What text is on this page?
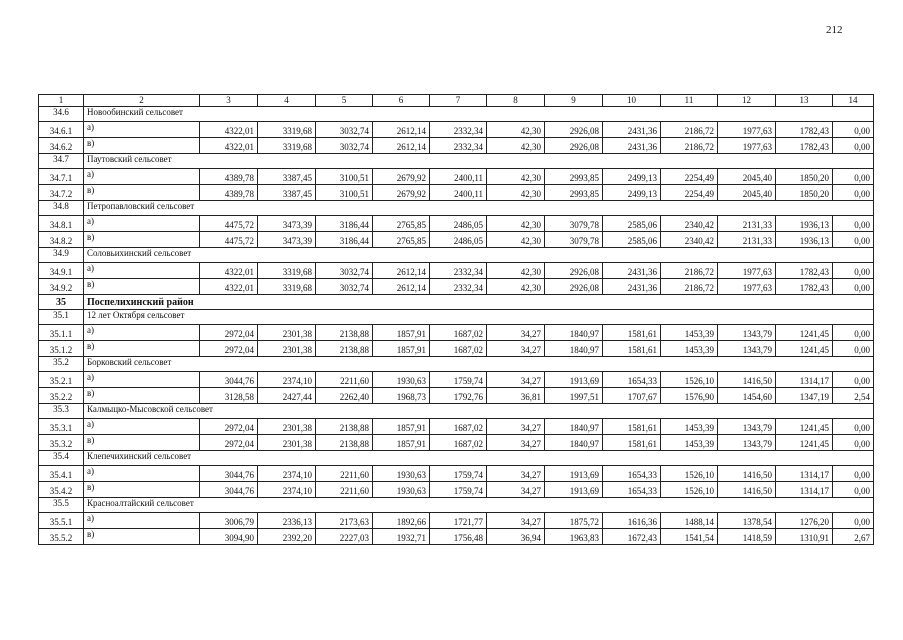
212
1	2	3	4	5	6	7	8	9	10	11	12	13	14
34.6	Новообинский сельсовет												
34.6.1	а)	4322,01	3319,68	3032,74	2612,14	2332,34	42,30	2926,08	2431,36	2186,72	1977,63	1782,43	0,00
34.6.2	в)	4322,01	3319,68	3032,74	2612,14	2332,34	42,30	2926,08	2431,36	2186,72	1977,63	1782,43	0,00
34.7	Паутовский сельсовет												
34.7.1	а)	4389,78	3387,45	3100,51	2679,92	2400,11	42,30	2993,85	2499,13	2254,49	2045,40	1850,20	0,00
34.7.2	в)	4389,78	3387,45	3100,51	2679,92	2400,11	42,30	2993,85	2499,13	2254,49	2045,40	1850,20	0,00
34.8	Петропавловский сельсовет												
34.8.1	а)	4475,72	3473,39	3186,44	2765,85	2486,05	42,30	3079,78	2585,06	2340,42	2131,33	1936,13	0,00
34.8.2	в)	4475,72	3473,39	3186,44	2765,85	2486,05	42,30	3079,78	2585,06	2340,42	2131,33	1936,13	0,00
34.9	Соловьихинский сельсовет												
34.9.1	а)	4322,01	3319,68	3032,74	2612,14	2332,34	42,30	2926,08	2431,36	2186,72	1977,63	1782,43	0,00
34.9.2	в)	4322,01	3319,68	3032,74	2612,14	2332,34	42,30	2926,08	2431,36	2186,72	1977,63	1782,43	0,00
35	Поспелихинский район												
35.1	12 лет Октября сельсовет												
35.1.1	а)	2972,04	2301,38	2138,88	1857,91	1687,02	34,27	1840,97	1581,61	1453,39	1343,79	1241,45	0,00
35.1.2	в)	2972,04	2301,38	2138,88	1857,91	1687,02	34,27	1840,97	1581,61	1453,39	1343,79	1241,45	0,00
35.2	Борковский сельсовет												
35.2.1	а)	3044,76	2374,10	2211,60	1930,63	1759,74	34,27	1913,69	1654,33	1526,10	1416,50	1314,17	0,00
35.2.2	в)	3128,58	2427,44	2262,40	1968,73	1792,76	36,81	1997,51	1707,67	1576,90	1454,60	1347,19	2,54
35.3	Калмыцко-Мысовской сельсовет												
35.3.1	а)	2972,04	2301,38	2138,88	1857,91	1687,02	34,27	1840,97	1581,61	1453,39	1343,79	1241,45	0,00
35.3.2	в)	2972,04	2301,38	2138,88	1857,91	1687,02	34,27	1840,97	1581,61	1453,39	1343,79	1241,45	0,00
35.4	Клепечихинский сельсовет												
35.4.1	а)	3044,76	2374,10	2211,60	1930,63	1759,74	34,27	1913,69	1654,33	1526,10	1416,50	1314,17	0,00
35.4.2	в)	3044,76	2374,10	2211,60	1930,63	1759,74	34,27	1913,69	1654,33	1526,10	1416,50	1314,17	0,00
35.5	Красноалтайский сельсовет												
35.5.1	а)	3006,79	2336,13	2173,63	1892,66	1721,77	34,27	1875,72	1616,36	1488,14	1378,54	1276,20	0,00
35.5.2	в)	3094,90	2392,20	2227,03	1932,71	1756,48	36,94	1963,83	1672,43	1541,54	1418,59	1310,91	2,67
